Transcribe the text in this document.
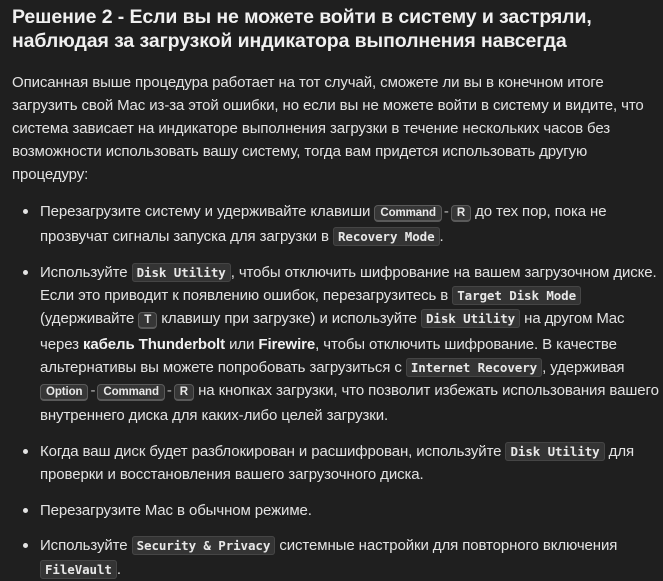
Решение 2 - Если вы не можете войти в систему и застряли, наблюдая за загрузкой индикатора выполнения навсегда

Описанная выше процедура работает на тот случай, сможете ли вы в конечном итоге загрузить свой Mac из-за этой ошибки, но если вы не можете войти в систему и видите, что система зависает на индикаторе выполнения загрузки в течение нескольких часов без возможности использовать вашу систему, тогда вам придется использовать другую процедуру:

Перезагрузите систему и удерживайте клавиши Command - R до тех пор, пока не прозвучат сигналы запуска для загрузки в Recovery Mode .
Используйте Disk Utility , чтобы отключить шифрование на вашем загрузочном диске. Если это приводит к появлению ошибок, перезагрузитесь в Target Disk Mode (удерживайте T клавишу при загрузке) и используйте Disk Utility на другом Mac через кабель Thunderbolt или Firewire, чтобы отключить шифрование. В качестве альтернативы вы можете попробовать загрузиться с Internet Recovery , удерживая Option - Command - R на кнопках загрузки, что позволит избежать использования вашего внутреннего диска для каких-либо целей загрузки.
Когда ваш диск будет разблокирован и расшифрован, используйте Disk Utility для проверки и восстановления вашего загрузочного диска.
Перезагрузите Mac в обычном режиме.
Используйте Security & Privacy системные настройки для повторного включения FileVault .
